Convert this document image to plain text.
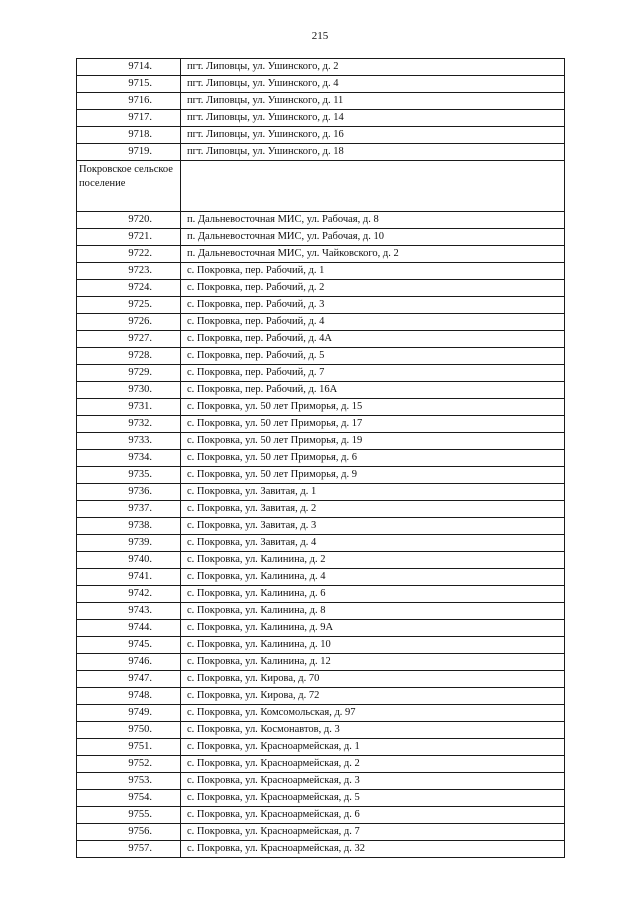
215
9714.	пгт. Липовцы, ул. Ушинского, д. 2
9715.	пгт. Липовцы, ул. Ушинского, д. 4
9716.	пгт. Липовцы, ул. Ушинского, д. 11
9717.	пгт. Липовцы, ул. Ушинского, д. 14
9718.	пгт. Липовцы, ул. Ушинского, д. 16
9719.	пгт. Липовцы, ул. Ушинского, д. 18
Покровское сельское поселение	
9720.	п. Дальневосточная МИС, ул. Рабочая, д. 8
9721.	п. Дальневосточная МИС, ул. Рабочая, д. 10
9722.	п. Дальневосточная МИС, ул. Чайковского, д. 2
9723.	с. Покровка, пер. Рабочий, д. 1
9724.	с. Покровка, пер. Рабочий, д. 2
9725.	с. Покровка, пер. Рабочий, д. 3
9726.	с. Покровка, пер. Рабочий, д. 4
9727.	с. Покровка, пер. Рабочий, д. 4А
9728.	с. Покровка, пер. Рабочий, д. 5
9729.	с. Покровка, пер. Рабочий, д. 7
9730.	с. Покровка, пер. Рабочий, д. 16А
9731.	с. Покровка, ул. 50 лет Приморья, д. 15
9732.	с. Покровка, ул. 50 лет Приморья, д. 17
9733.	с. Покровка, ул. 50 лет Приморья, д. 19
9734.	с. Покровка, ул. 50 лет Приморья, д. 6
9735.	с. Покровка, ул. 50 лет Приморья, д. 9
9736.	с. Покровка, ул. Завитая, д. 1
9737.	с. Покровка, ул. Завитая, д. 2
9738.	с. Покровка, ул. Завитая, д. 3
9739.	с. Покровка, ул. Завитая, д. 4
9740.	с. Покровка, ул. Калинина, д. 2
9741.	с. Покровка, ул. Калинина, д. 4
9742.	с. Покровка, ул. Калинина, д. 6
9743.	с. Покровка, ул. Калинина, д. 8
9744.	с. Покровка, ул. Калинина, д. 9А
9745.	с. Покровка, ул. Калинина, д. 10
9746.	с. Покровка, ул. Калинина, д. 12
9747.	с. Покровка, ул. Кирова, д. 70
9748.	с. Покровка, ул. Кирова, д. 72
9749.	с. Покровка, ул. Комсомольская, д. 97
9750.	с. Покровка, ул. Космонавтов, д. 3
9751.	с. Покровка, ул. Красноармейская, д. 1
9752.	с. Покровка, ул. Красноармейская, д. 2
9753.	с. Покровка, ул. Красноармейская, д. 3
9754.	с. Покровка, ул. Красноармейская, д. 5
9755.	с. Покровка, ул. Красноармейская, д. 6
9756.	с. Покровка, ул. Красноармейская, д. 7
9757.	с. Покровка, ул. Красноармейская, д. 32
